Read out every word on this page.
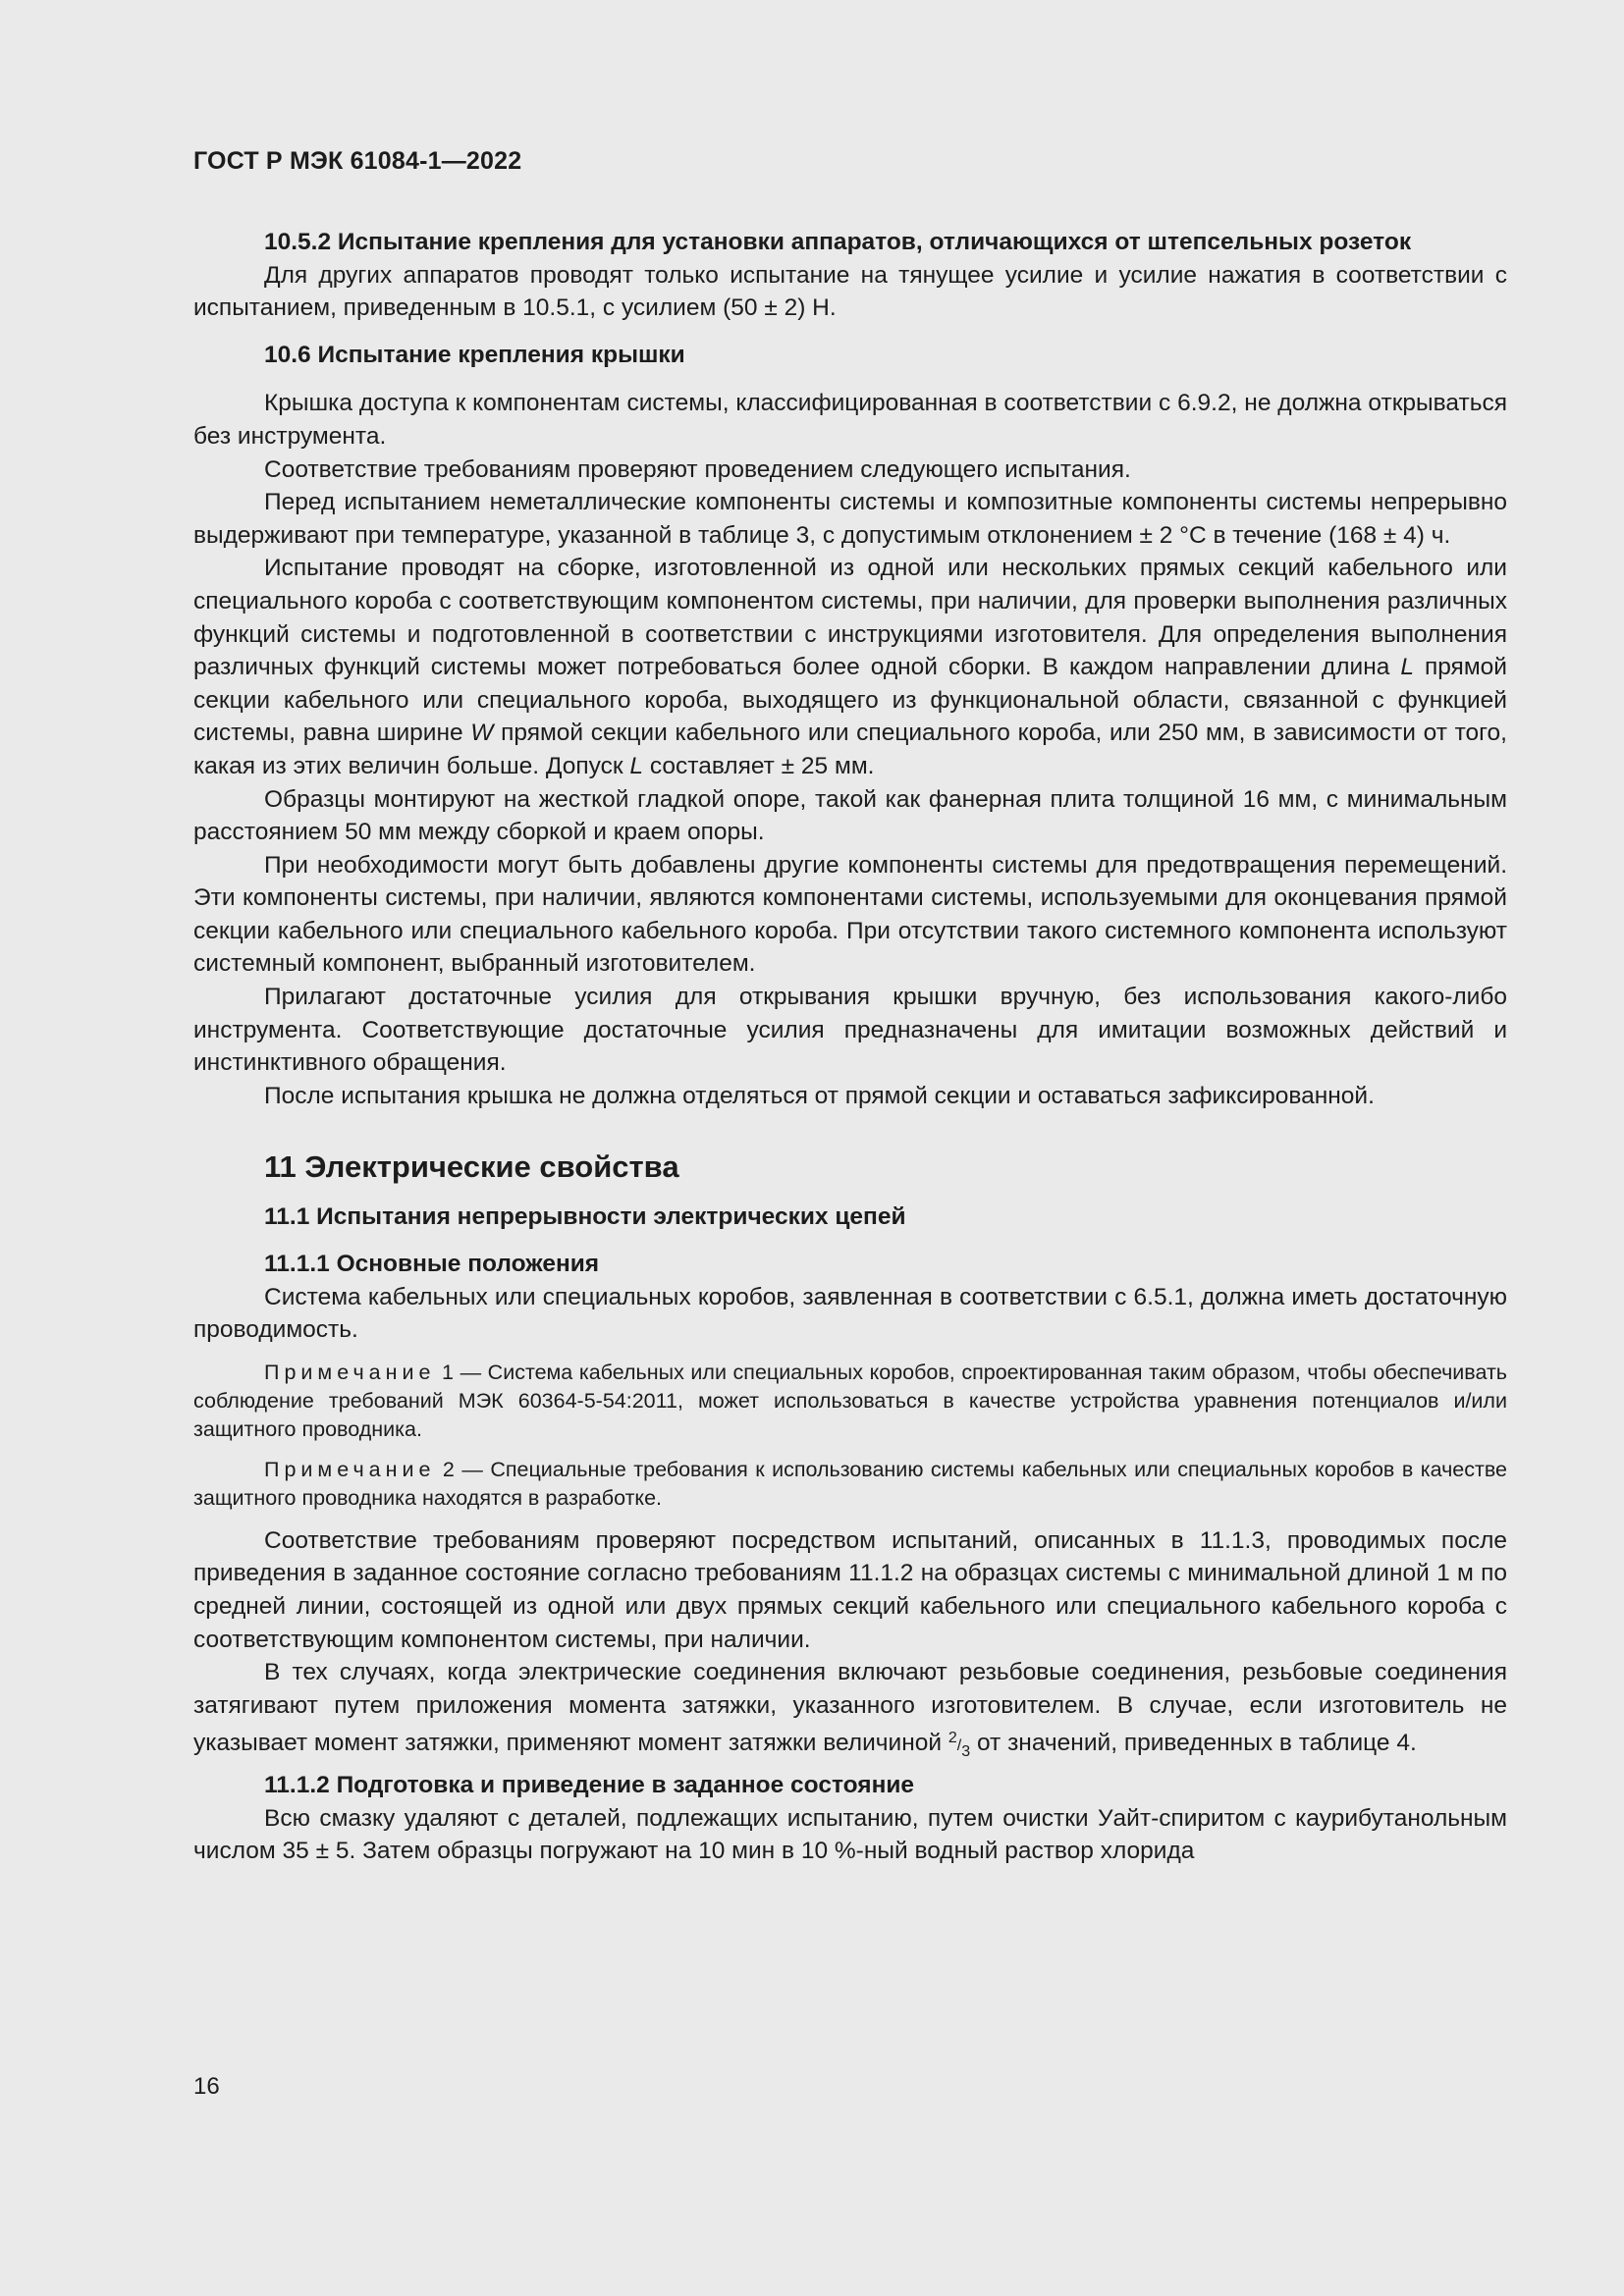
ГОСТ Р МЭК 61084-1—2022

10.5.2 Испытание крепления для установки аппаратов, отличающихся от штепсельных розеток

Для других аппаратов проводят только испытание на тянущее усилие и усилие нажатия в соответствии с испытанием, приведенным в 10.5.1, с усилием (50 ± 2) Н.

10.6 Испытание крепления крышки

Крышка доступа к компонентам системы, классифицированная в соответствии с 6.9.2, не должна открываться без инструмента.

Соответствие требованиям проверяют проведением следующего испытания.

Перед испытанием неметаллические компоненты системы и композитные компоненты системы непрерывно выдерживают при температуре, указанной в таблице 3, с допустимым отклонением ± 2 °С в течение (168 ± 4) ч.

Испытание проводят на сборке, изготовленной из одной или нескольких прямых секций кабельного или специального короба с соответствующим компонентом системы, при наличии, для проверки выполнения различных функций системы и подготовленной в соответствии с инструкциями изготовителя. Для определения выполнения различных функций системы может потребоваться более одной сборки. В каждом направлении длина L прямой секции кабельного или специального короба, выходящего из функциональной области, связанной с функцией системы, равна ширине W прямой секции кабельного или специального короба, или 250 мм, в зависимости от того, какая из этих величин больше. Допуск L составляет ± 25 мм.

Образцы монтируют на жесткой гладкой опоре, такой как фанерная плита толщиной 16 мм, с минимальным расстоянием 50 мм между сборкой и краем опоры.

При необходимости могут быть добавлены другие компоненты системы для предотвращения перемещений. Эти компоненты системы, при наличии, являются компонентами системы, используемыми для оконцевания прямой секции кабельного или специального кабельного короба. При отсутствии такого системного компонента используют системный компонент, выбранный изготовителем.

Прилагают достаточные усилия для открывания крышки вручную, без использования какого-либо инструмента. Соответствующие достаточные усилия предназначены для имитации возможных действий и инстинктивного обращения.

После испытания крышка не должна отделяться от прямой секции и оставаться зафиксированной.

11 Электрические свойства

11.1 Испытания непрерывности электрических цепей

11.1.1 Основные положения

Система кабельных или специальных коробов, заявленная в соответствии с 6.5.1, должна иметь достаточную проводимость.

Примечание 1 — Система кабельных или специальных коробов, спроектированная таким образом, чтобы обеспечивать соблюдение требований МЭК 60364-5-54:2011, может использоваться в качестве устройства уравнения потенциалов и/или защитного проводника.

Примечание 2 — Специальные требования к использованию системы кабельных или специальных коробов в качестве защитного проводника находятся в разработке.

Соответствие требованиям проверяют посредством испытаний, описанных в 11.1.3, проводимых после приведения в заданное состояние согласно требованиям 11.1.2 на образцах системы с минимальной длиной 1 м по средней линии, состоящей из одной или двух прямых секций кабельного или специального кабельного короба с соответствующим компонентом системы, при наличии.

В тех случаях, когда электрические соединения включают резьбовые соединения, резьбовые соединения затягивают путем приложения момента затяжки, указанного изготовителем. В случае, если изготовитель не указывает момент затяжки, применяют момент затяжки величиной $^2/_3$ от значений, приведенных в таблице 4.

11.1.2 Подготовка и приведение в заданное состояние

Всю смазку удаляют с деталей, подлежащих испытанию, путем очистки Уайт-спиритом с каурибутанольным числом 35 ± 5. Затем образцы погружают на 10 мин в 10 %-ный водный раствор хлорида

16
